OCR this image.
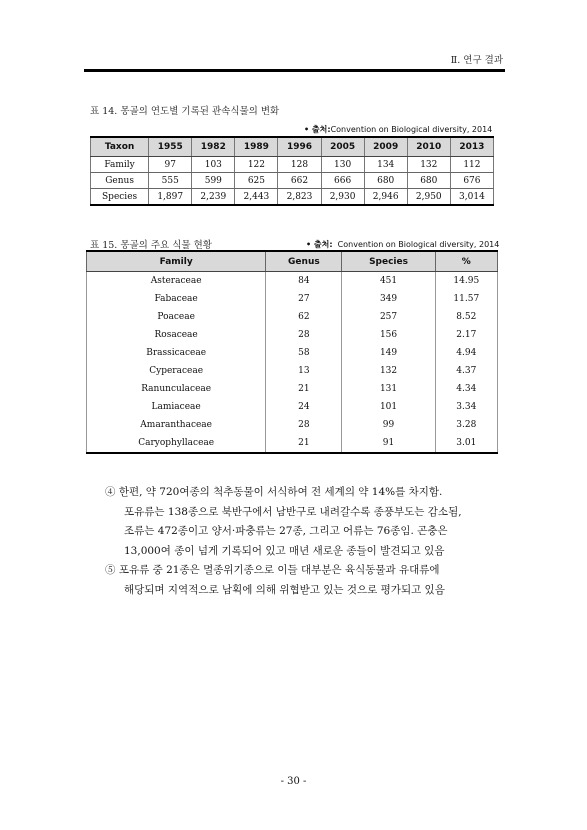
Ⅱ. 연구 결과
표 14. 몽골의 연도별 기록된 관속식물의 변화
• 출처:Convention on Biological diversity, 2014
Taxon	1955	1982	1989	1996	2005	2009	2010	2013
Family	97	103	122	128	130	134	132	112
Genus	555	599	625	662	666	680	680	676
Species	1,897	2,239	2,443	2,823	2,930	2,946	2,950	3,014
표 15. 몽골의 주요 식물 현황	• 출처: Convention on Biological diversity, 2014
Family	Genus	Species	%
Asteraceae	84	451	14.95
Fabaceae	27	349	11.57
Poaceae	62	257	8.52
Rosaceae	28	156	2.17
Brassicaceae	58	149	4.94
Cyperaceae	13	132	4.37
Ranunculaceae	21	131	4.34
Lamiaceae	24	101	3.34
Amaranthaceae	28	99	3.28
Caryophyllaceae	21	91	3.01
④ 한편, 약 720여종의 척추동물이 서식하여 전 세계의 약 14%를 차지함.
포유류는 138종으로 북반구에서 남반구로 내려갈수록 종풍부도는 감소됨,
조류는 472종이고 양서·파충류는 27종, 그리고 어류는 76종임. 곤충은
13,000여 종이 넘게 기록되어 있고 매년 새로운 종들이 발견되고 있음
⑤ 포유류 중 21종은 멸종위기종으로 이들 대부분은 육식동물과 유대류에
해당되며 지역적으로 남획에 의해 위협받고 있는 것으로 평가되고 있음
- 30 -
